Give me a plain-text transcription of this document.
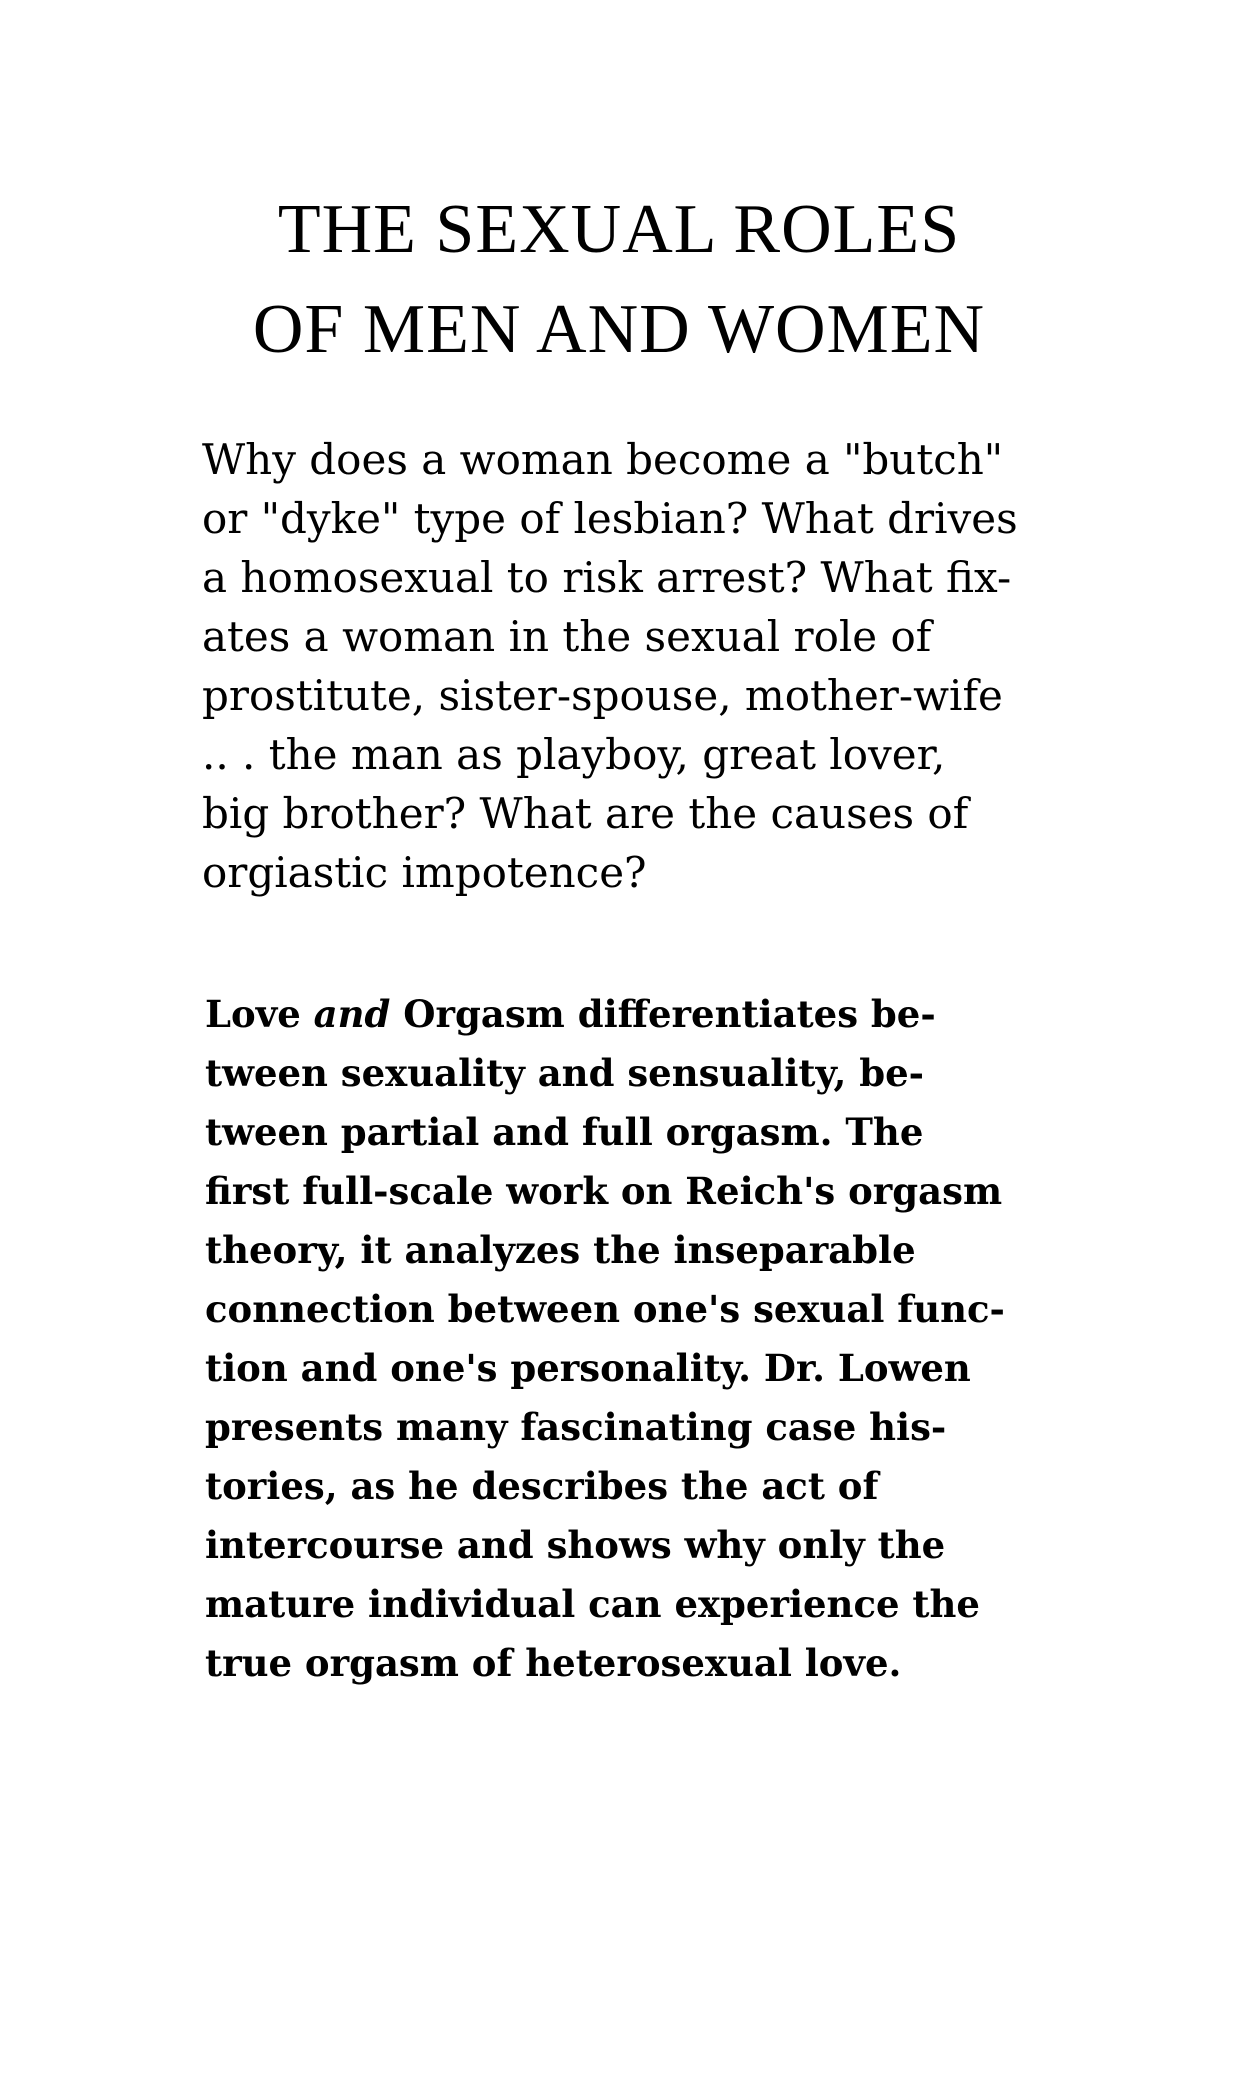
THE SEXUAL ROLES
OF MEN AND WOMEN

Why does a woman become a "butch"
or "dyke" type of lesbian? What drives
a homosexual to risk arrest? What fix-
ates a woman in the sexual role of
prostitute, sister-spouse, mother-wife
.. . the man as playboy, great lover,
big brother? What are the causes of
orgiastic impotence?

Love and Orgasm differentiates be-
tween sexuality and sensuality, be-
tween partial and full orgasm. The
first full-scale work on Reich's orgasm
theory, it analyzes the inseparable
connection between one's sexual func-
tion and one's personality. Dr. Lowen
presents many fascinating case his-
tories, as he describes the act of
intercourse and shows why only the
mature individual can experience the
true orgasm of heterosexual love.
